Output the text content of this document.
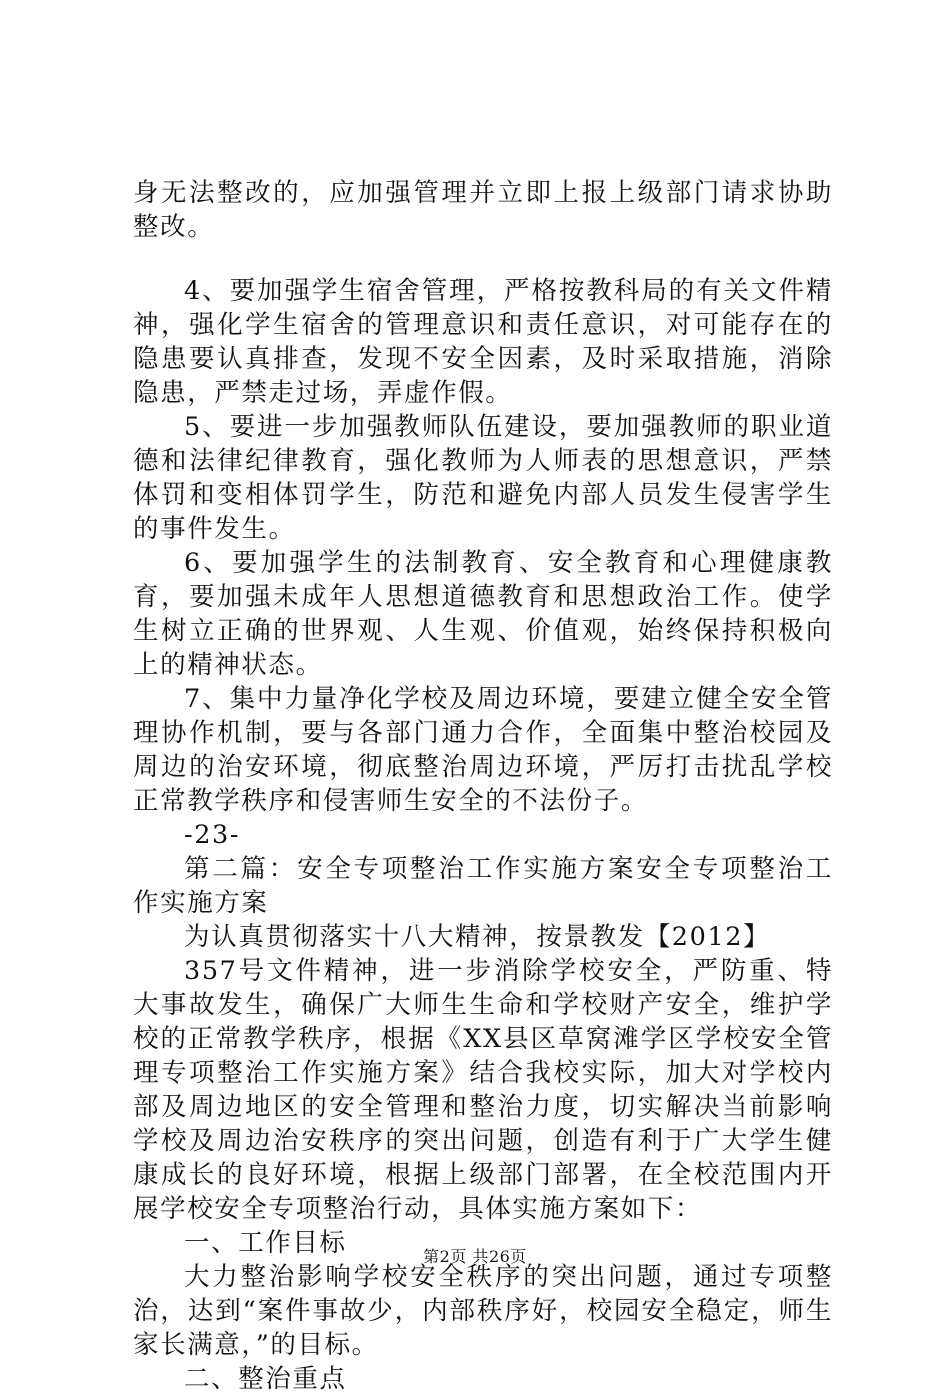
身无法整改的，应加强管理并立即上报上级部门请求协助整改。

4、要加强学生宿舍管理，严格按教科局的有关文件精神，强化学生宿舍的管理意识和责任意识，对可能存在的隐患要认真排查，发现不安全因素，及时采取措施，消除隐患，严禁走过场，弄虚作假。

5、要进一步加强教师队伍建设，要加强教师的职业道德和法律纪律教育，强化教师为人师表的思想意识，严禁体罚和变相体罚学生，防范和避免内部人员发生侵害学生的事件发生。

6、要加强学生的法制教育、安全教育和心理健康教育，要加强未成年人思想道德教育和思想政治工作。使学生树立正确的世界观、人生观、价值观，始终保持积极向上的精神状态。

7、集中力量净化学校及周边环境，要建立健全安全管理协作机制，要与各部门通力合作，全面集中整治校园及周边的治安环境，彻底整治周边环境，严厉打击扰乱学校正常教学秩序和侵害师生安全的不法份子。

-23-

第二篇：安全专项整治工作实施方案安全专项整治工作实施方案

为认真贯彻落实十八大精神，按景教发【2012】

357号文件精神，进一步消除学校安全，严防重、特大事故发生，确保广大师生生命和学校财产安全，维护学校的正常教学秩序，根据《XX县区草窝滩学区学校安全管理专项整治工作实施方案》结合我校实际，加大对学校内部及周边地区的安全管理和整治力度，切实解决当前影响学校及周边治安秩序的突出问题，创造有利于广大学生健康成长的良好环境，根据上级部门部署，在全校范围内开展学校安全专项整治行动，具体实施方案如下：

一、工作目标

大力整治影响学校安全秩序的突出问题，通过专项整治，达到“案件事故少，内部秩序好，校园安全稳定，师生家长满意，”的目标。

二、整治重点

第2页 共26页
